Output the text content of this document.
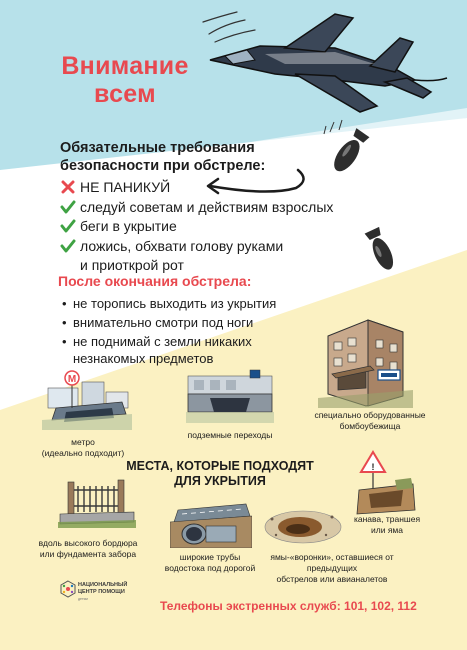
Внимание
всем
Обязательные требования
безопасности при обстреле:
НЕ ПАНИКУЙ
следуй советам и действиям взрослых
беги в укрытие
ложись, обхвати голову руками
и приоткрой рот
После окончания обстрела:
• не торопись выходить из укрытия
• внимательно смотри под ноги
• не поднимай с земли никаких
незнакомых предметов
специально оборудованные
бомбоубежища
М
метро
(идеально подходит)
подземные переходы
МЕСТА, КОТОРЫЕ ПОДХОДЯТ
ДЛЯ УКРЫТИЯ
!
канава, траншея
или яма
вдоль высокого бордюра
или фундамента забора	широкие трубы
водостока под дорогой
ямы-«воронки», оставшиеся от предыдущих
обстрелов или авианалетов
НАЦИОНАЛЬНЫЙ
ЦЕНТР ПОМОЩИ
детям	Телефоны экстренных служб: 101, 102, 112
